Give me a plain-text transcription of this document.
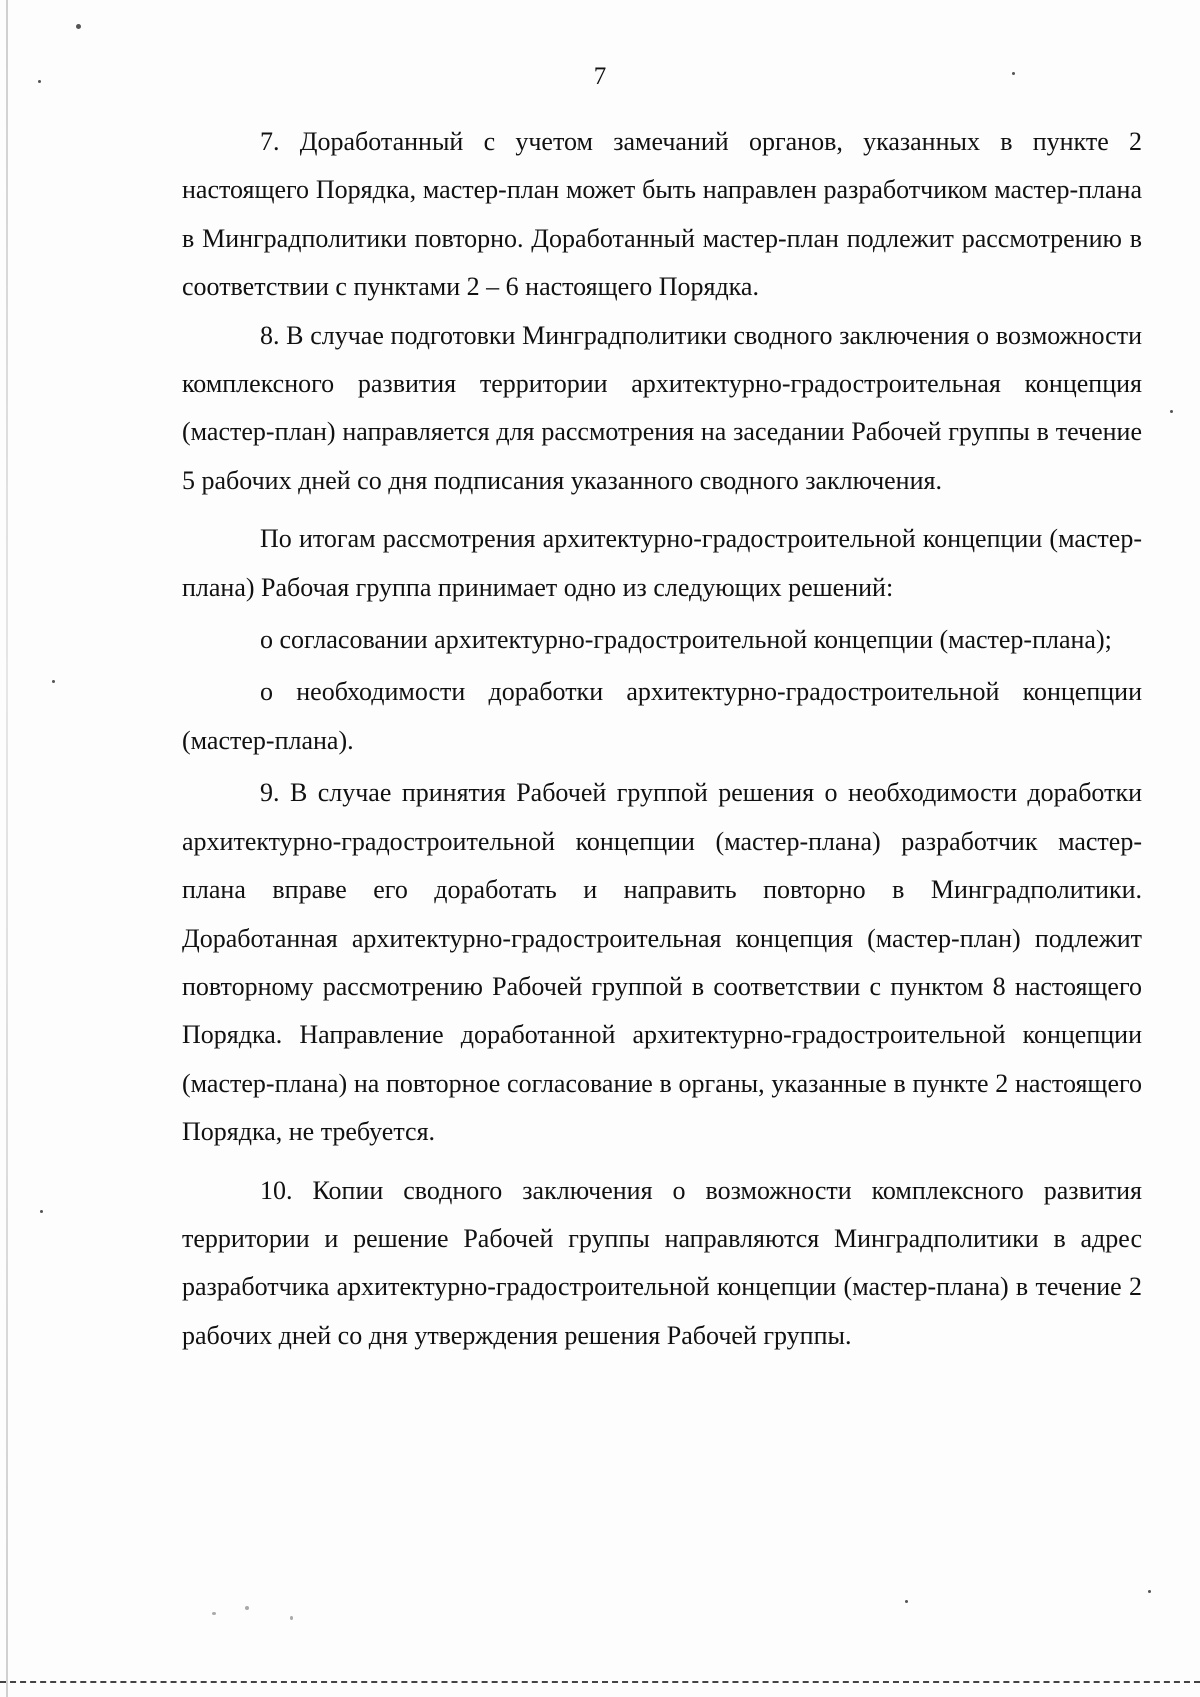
7

7. Доработанный с учетом замечаний органов, указанных в пункте 2 настоящего Порядка, мастер-план может быть направлен разработчиком мастер-плана в Минградполитики повторно. Доработанный мастер-план подлежит рассмотрению в соответствии с пунктами 2 – 6 настоящего Порядка.

8. В случае подготовки Минградполитики сводного заключения о возможности комплексного развития территории архитектурно-градостроительная концепция (мастер-план) направляется для рассмотрения на заседании Рабочей группы в течение 5 рабочих дней со дня подписания указанного сводного заключения.

По итогам рассмотрения архитектурно-градостроительной концепции (мастер-плана) Рабочая группа принимает одно из следующих решений:

о согласовании архитектурно-градостроительной концепции (мастер-плана);

о необходимости доработки архитектурно-градостроительной концепции (мастер-плана).

9. В случае принятия Рабочей группой решения о необходимости доработки архитектурно-градостроительной концепции (мастер-плана) разработчик мастер-плана вправе его доработать и направить повторно в Минградполитики. Доработанная архитектурно-градостроительная концепция (мастер-план) подлежит повторному рассмотрению Рабочей группой в соответствии с пунктом 8 настоящего Порядка. Направление доработанной архитектурно-градостроительной концепции (мастер-плана) на повторное согласование в органы, указанные в пункте 2 настоящего Порядка, не требуется.

10. Копии сводного заключения о возможности комплексного развития территории и решение Рабочей группы направляются Минградполитики в адрес разработчика архитектурно-градостроительной концепции (мастер-плана) в течение 2 рабочих дней со дня утверждения решения Рабочей группы.
